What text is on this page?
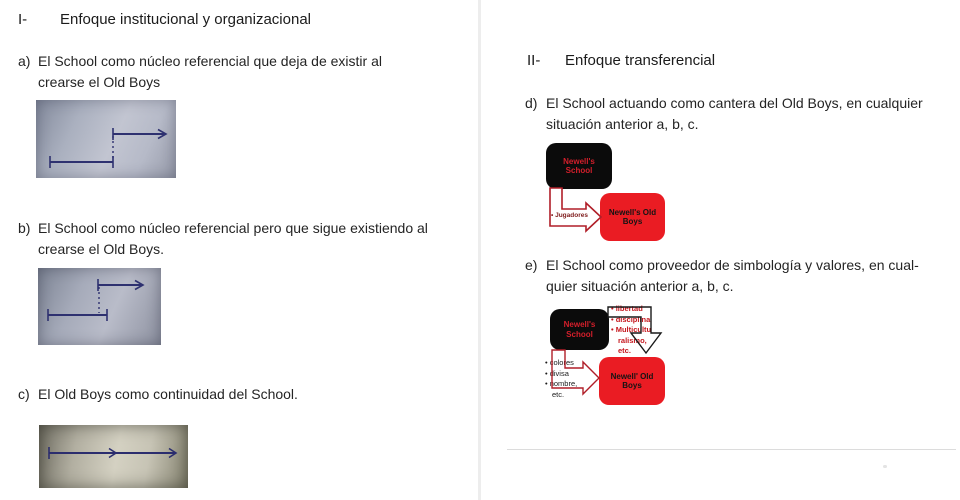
I-	Enfoque institucional y organizacional
a) El School como núcleo referencial que deja de existir al
crearse el Old Boys
b) El School como núcleo referencial pero que sigue existiendo al
crearse el Old Boys.
c) El Old Boys como continuidad del School.
II-	Enfoque transferencial
d) El School actuando como cantera del Old Boys, en cualquier
situación anterior a, b, c.
Newell's
School
Newell's Old
Boys
• Jugadores
e) El School como proveedor de simbología y valores, en cual-
quier situación anterior a, b, c.
Newell's
School
Newell' Old
Boys
• libertad
• disciplina
• Multicultu
ralismo,
etc.
• colores
• divisa
• nombre,
etc.
